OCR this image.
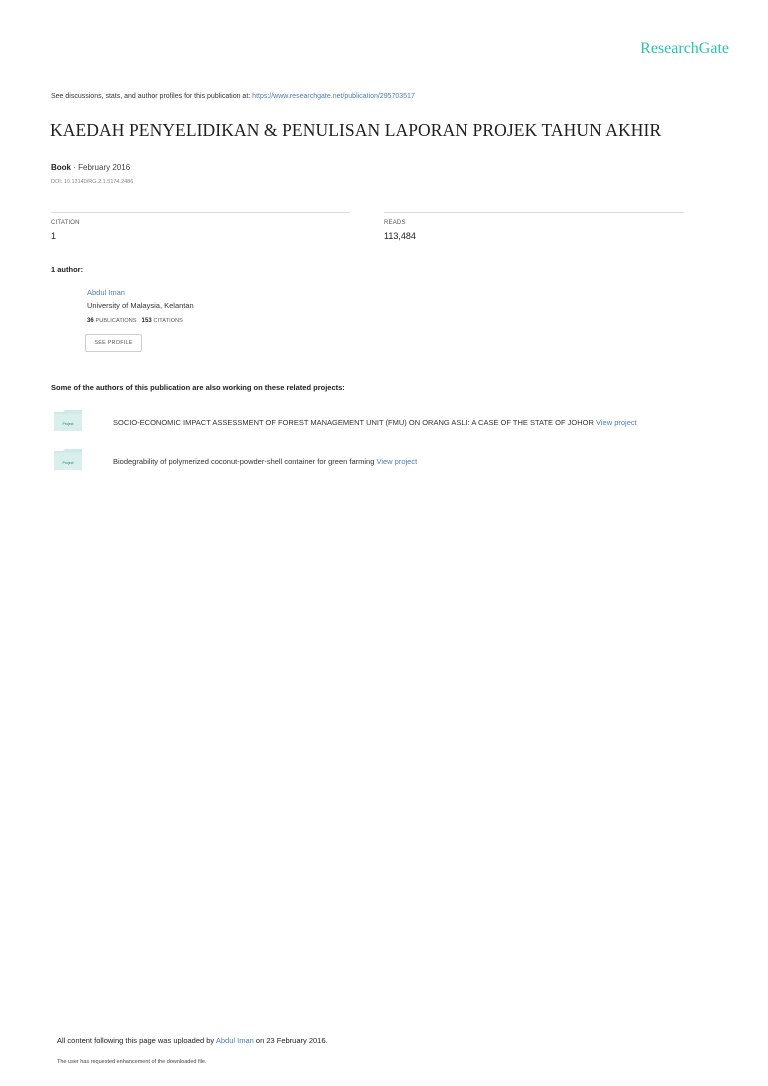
ResearchGate
See discussions, stats, and author profiles for this publication at: https://www.researchgate.net/publication/295703517
KAEDAH PENYELIDIKAN & PENULISAN LAPORAN PROJEK TAHUN AKHIR
Book · February 2016
DOI: 10.13140/RG.2.1.5174.2486
CITATION
1
READS
113,484
1 author:
Abdul Iman
University of Malaysia, Kelantan
36 PUBLICATIONS 153 CITATIONS
SEE PROFILE
Some of the authors of this publication are also working on these related projects:
Project	SOCIO-ECONOMIC IMPACT ASSESSMENT OF FOREST MANAGEMENT UNIT (FMU) ON ORANG ASLI: A CASE OF THE STATE OF JOHOR View project
Project	Biodegrability of polymerized coconut-powder-shell container for green farming View project
All content following this page was uploaded by Abdul Iman on 23 February 2016.
The user has requested enhancement of the downloaded file.
